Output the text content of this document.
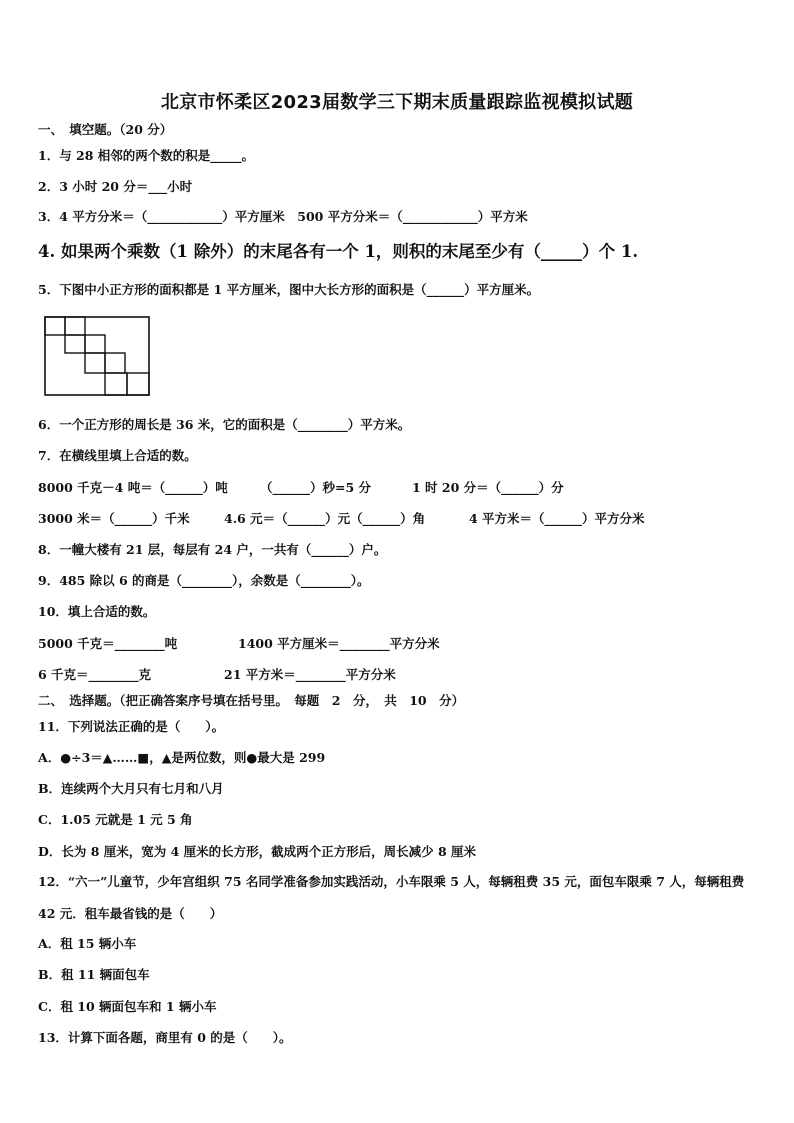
北京市怀柔区2023届数学三下期末质量跟踪监视模拟试题
一、　填空题。（20 分）
1．与 28 相邻的两个数的积是_____。
2．3 小时 20 分＝___小时
3．4 平方分米＝（____________）平方厘米　500 平方分米＝（____________）平方米
4. 如果两个乘数（1 除外）的末尾各有一个 1，则积的末尾至少有（_____）个 1.
5．下图中小正方形的面积都是 1 平方厘米，图中大长方形的面积是（______）平方厘米。
6．一个正方形的周长是 36 米，它的面积是（________）平方米。
7．在横线里填上合适的数。
8000 千克－4 吨＝（______）吨	（______）秒=5 分	1 时 20 分＝（______）分
3000 米＝（______）千米	4.6 元＝（______）元（______）角	4 平方米＝（______）平方分米
8．一幢大楼有 21 层，每层有 24 户，一共有（______）户。
9．485 除以 6 的商是（________），余数是（________）。
10．填上合适的数。
5000 千克＝________吨	1400 平方厘米＝________平方分米
6 千克＝________克	21 平方米＝________平方分米
二、　选择题。（把正确答案序号填在括号里。　每题　2　分，　共　10　分）
11．下列说法正确的是（　　）。
A．●÷3＝▲……■，▲是两位数，则●最大是 299
B．连续两个大月只有七月和八月
C．1.05 元就是 1 元 5 角
D．长为 8 厘米，宽为 4 厘米的长方形，截成两个正方形后，周长减少 8 厘米
12．“六一”儿童节，少年宫组织 75 名同学准备参加实践活动，小车限乘 5 人，每辆租费 35 元，面包车限乘 7 人，每辆租费 42 元．租车最省钱的是（　　）
A．租 15 辆小车
B．租 11 辆面包车
C．租 10 辆面包车和 1 辆小车
13．计算下面各题，商里有 0 的是（　　）。
